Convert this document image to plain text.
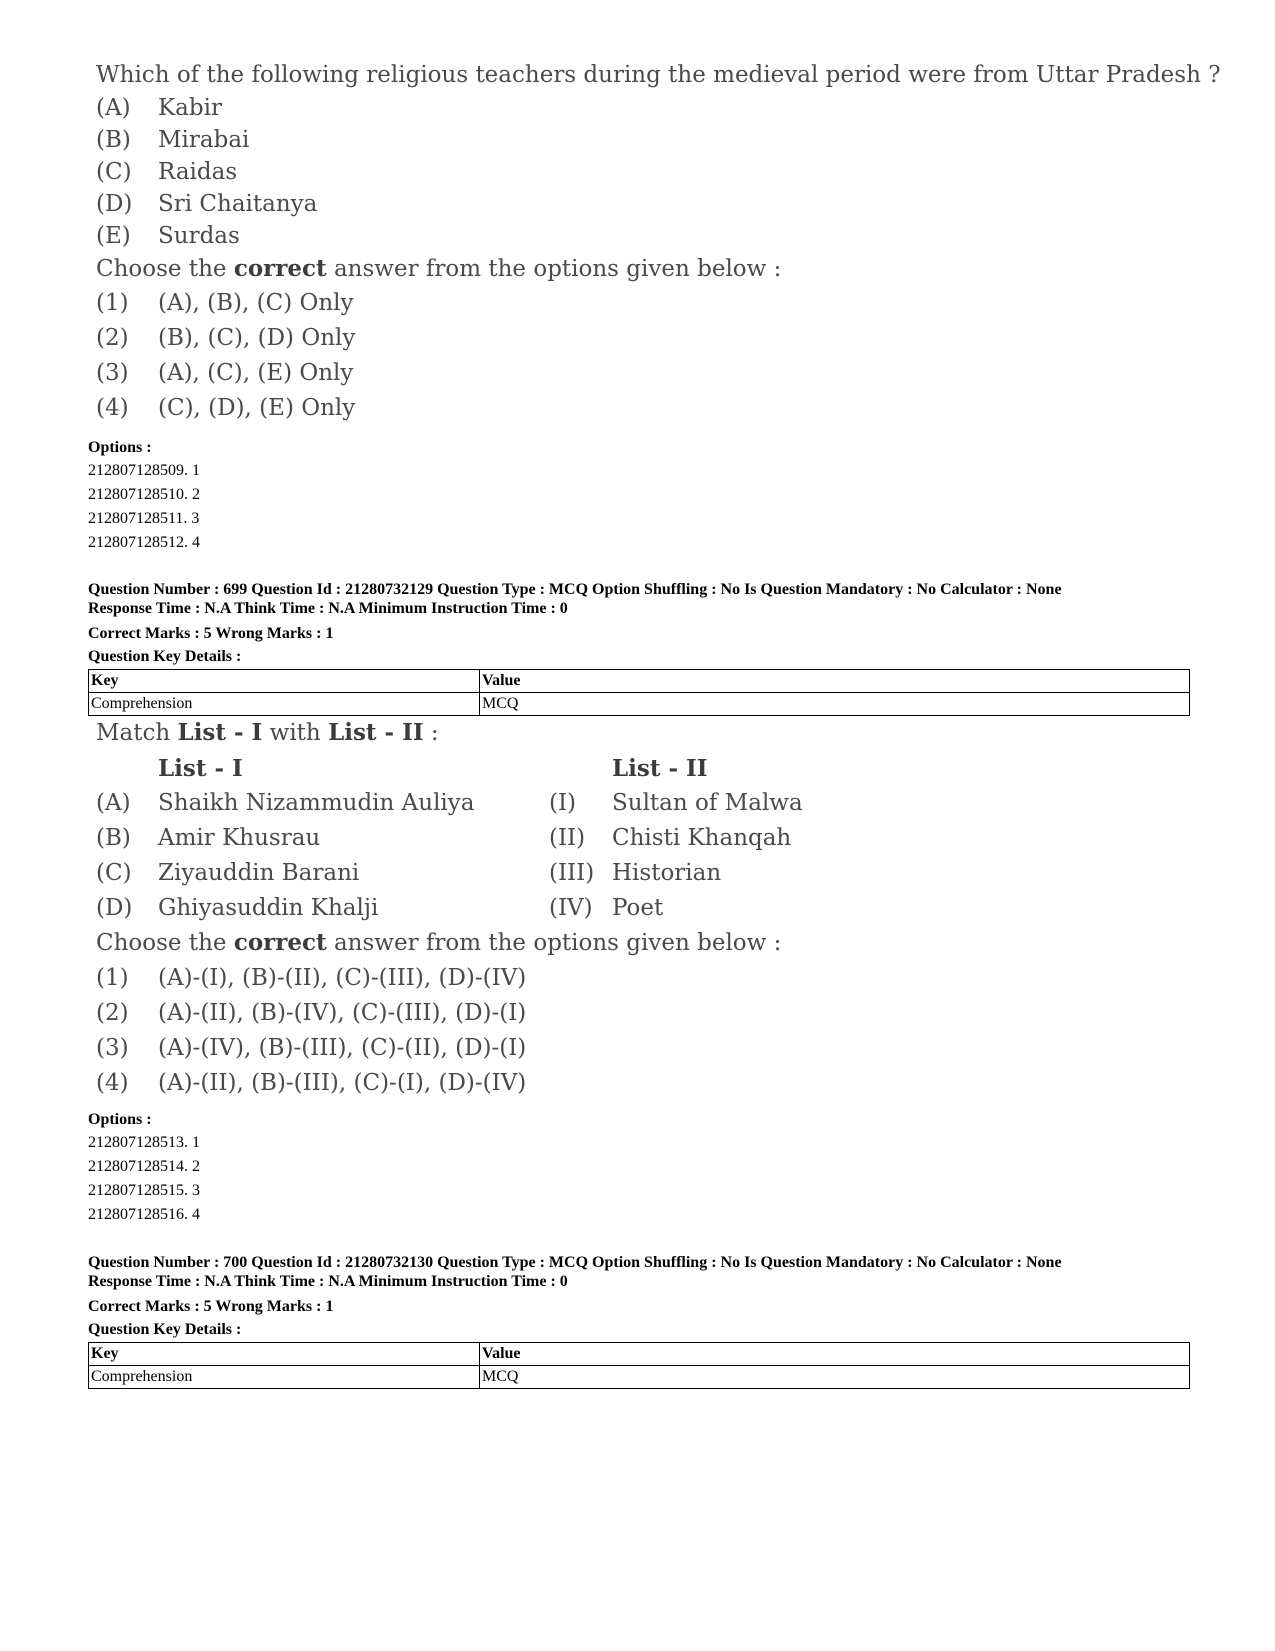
Which of the following religious teachers during the medieval period were from Uttar Pradesh ?
(A) Kabir
(B) Mirabai
(C) Raidas
(D) Sri Chaitanya
(E) Surdas
Choose the correct answer from the options given below :
(1) (A), (B), (C) Only
(2) (B), (C), (D) Only
(3) (A), (C), (E) Only
(4) (C), (D), (E) Only
Options :
212807128509. 1
212807128510. 2
212807128511. 3
212807128512. 4
Question Number : 699 Question Id : 21280732129 Question Type : MCQ Option Shuffling : No Is Question Mandatory : No Calculator : None
Response Time : N.A Think Time : N.A Minimum Instruction Time : 0
Correct Marks : 5 Wrong Marks : 1
Question Key Details :
Key	Value
Comprehension	MCQ
Match List - I with List - II :
List - I	List - II
(A) Shaikh Nizammudin Auliya	(I) Sultan of Malwa
(B) Amir Khusrau	(II) Chisti Khanqah
(C) Ziyauddin Barani	(III) Historian
(D) Ghiyasuddin Khalji	(IV) Poet
Choose the correct answer from the options given below :
(1) (A)-(I), (B)-(II), (C)-(III), (D)-(IV)
(2) (A)-(II), (B)-(IV), (C)-(III), (D)-(I)
(3) (A)-(IV), (B)-(III), (C)-(II), (D)-(I)
(4) (A)-(II), (B)-(III), (C)-(I), (D)-(IV)
Options :
212807128513. 1
212807128514. 2
212807128515. 3
212807128516. 4
Question Number : 700 Question Id : 21280732130 Question Type : MCQ Option Shuffling : No Is Question Mandatory : No Calculator : None
Response Time : N.A Think Time : N.A Minimum Instruction Time : 0
Correct Marks : 5 Wrong Marks : 1
Question Key Details :
Key	Value
Comprehension	MCQ
